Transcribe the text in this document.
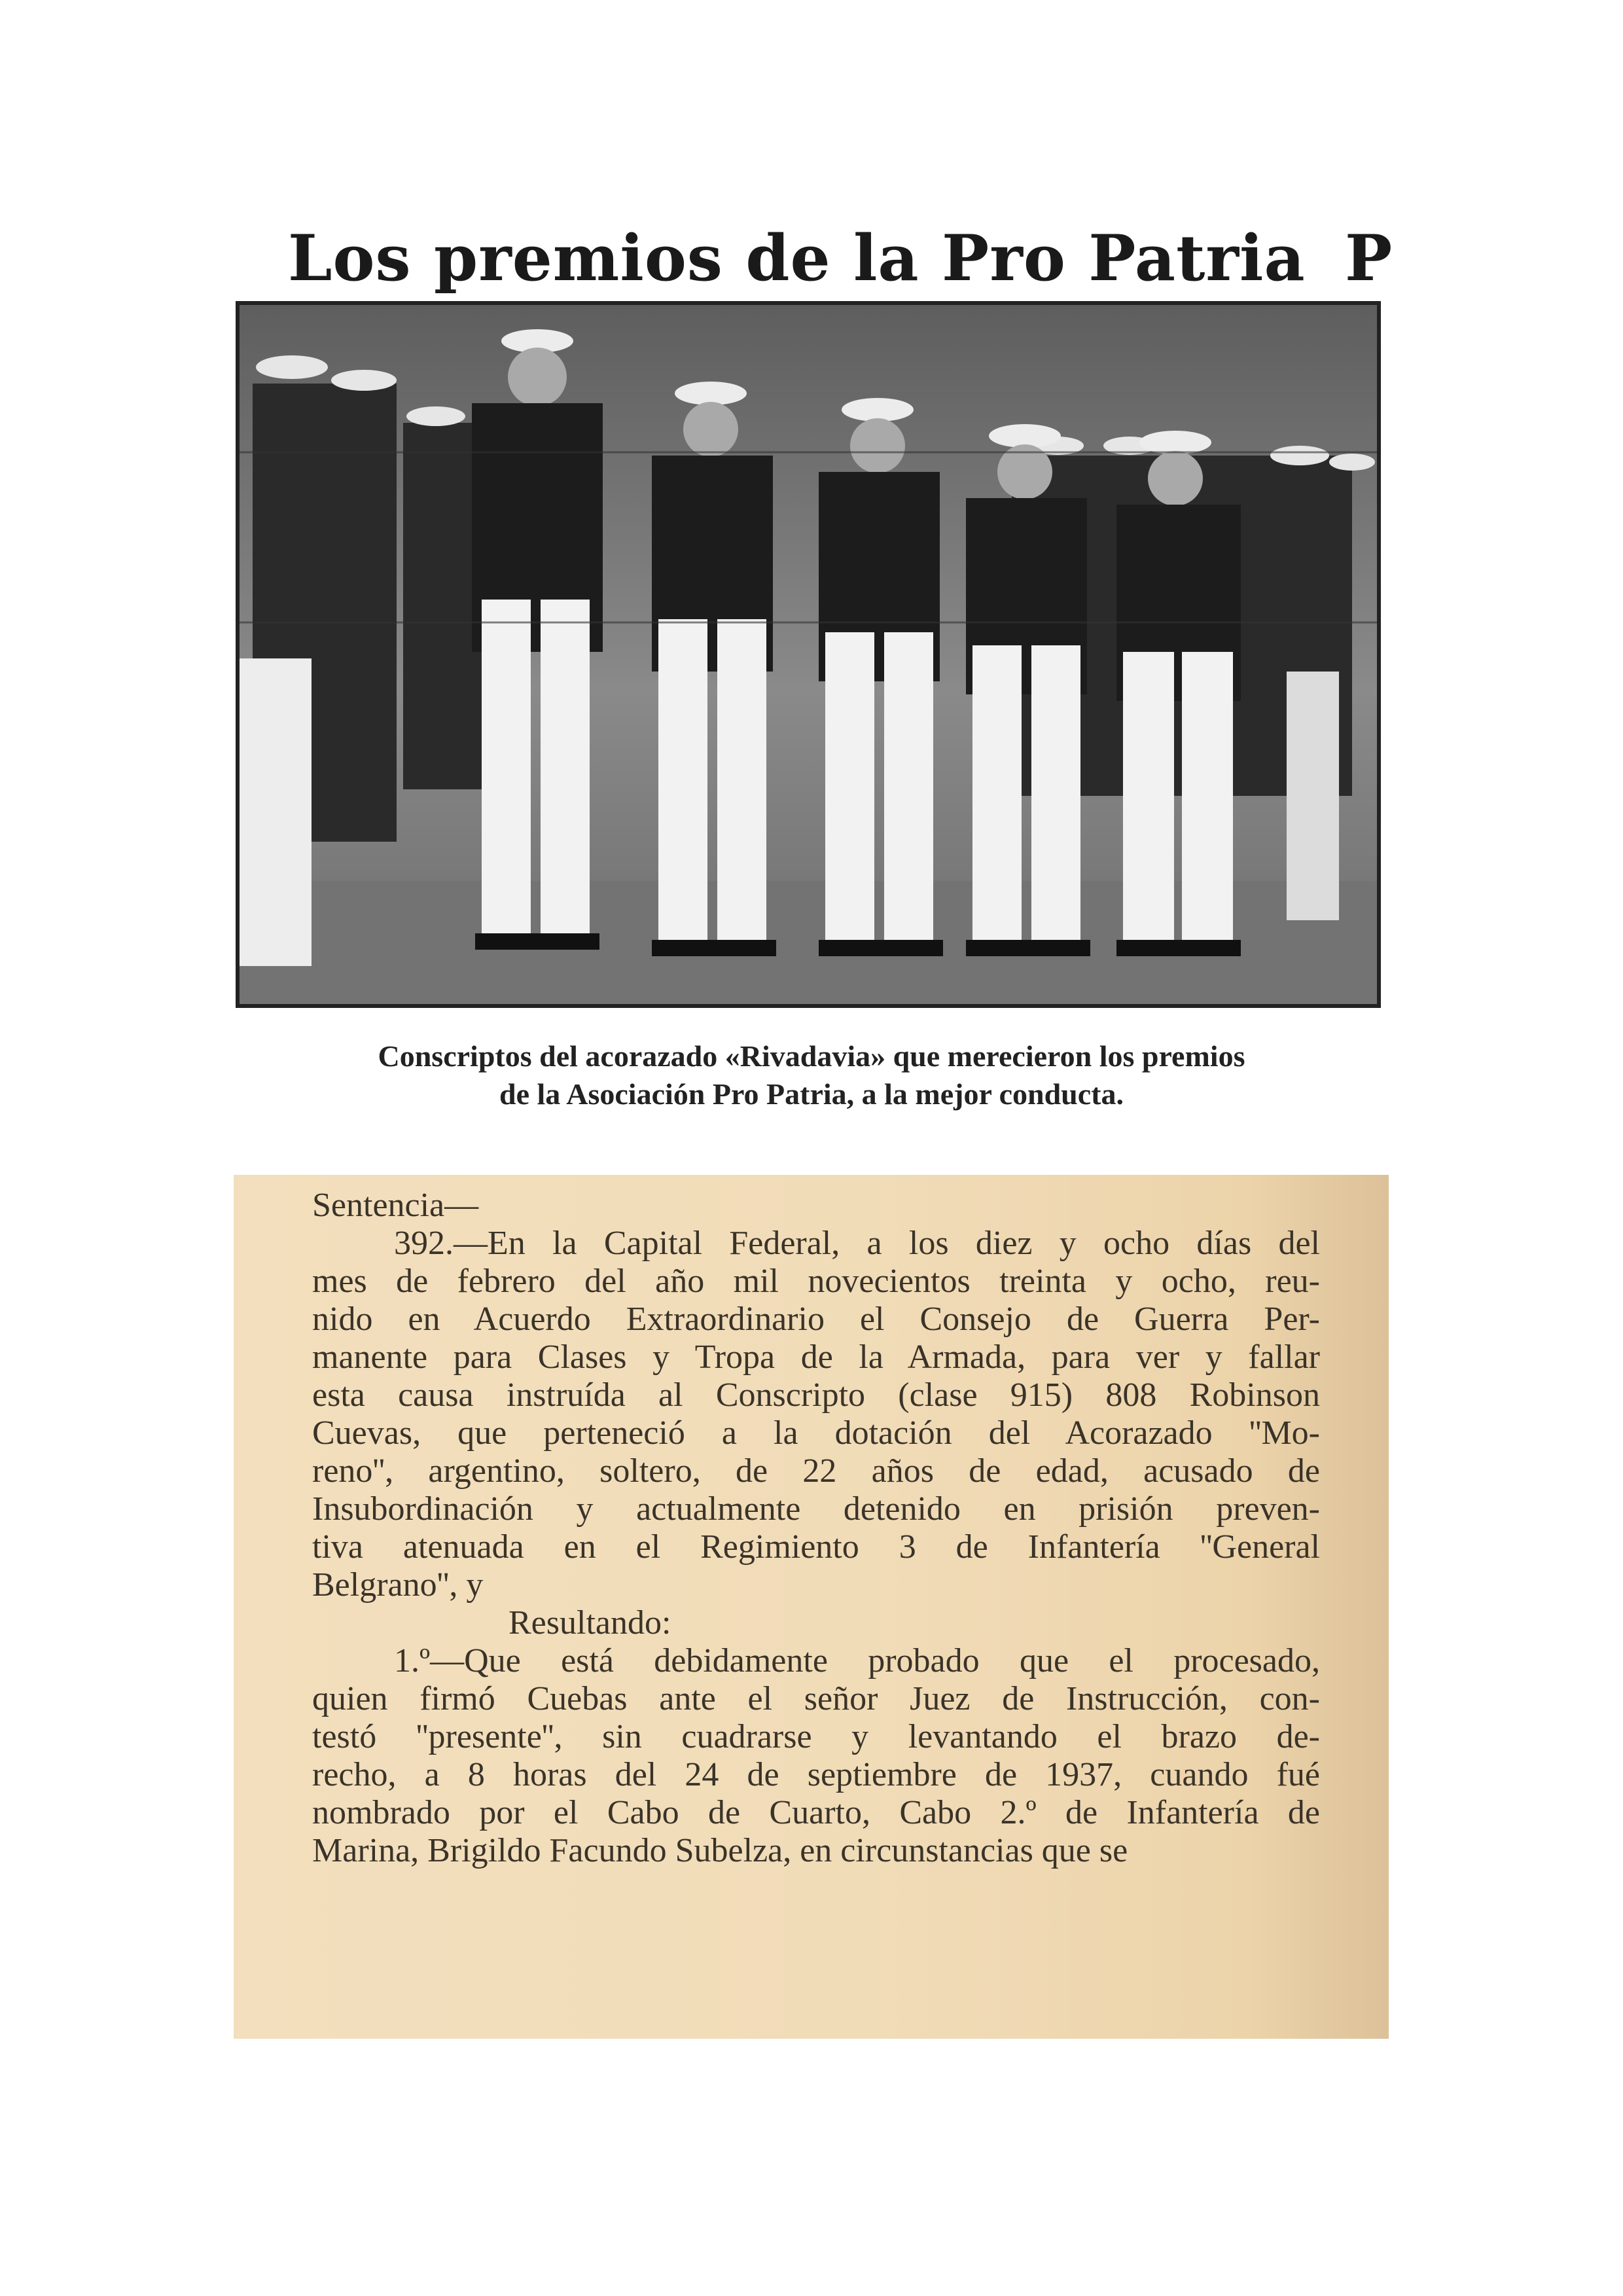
Los premios de la Pro Patria P
Conscriptos del acorazado «Rivadavia» que merecieron los premios
de la Asociación Pro Patria, a la mejor conducta.

Sentencia—

392.—En la Capital Federal, a los diez y ocho días del

mes de febrero del año mil novecientos treinta y ocho, reu-

nido en Acuerdo Extraordinario el Consejo de Guerra Per-

manente para Clases y Tropa de la Armada, para ver y fallar

esta causa instruída al Conscripto (clase 915) 808 Robinson

Cuevas, que perteneció a la dotación del Acorazado ''Mo-

reno'', argentino, soltero, de 22 años de edad, acusado de

Insubordinación y actualmente detenido en prisión preven-

tiva atenuada en el Regimiento 3 de Infantería ''General

Belgrano'', y

Resultando:

1.º—Que está debidamente probado que el procesado,

quien firmó Cuebas ante el señor Juez de Instrucción, con-

testó ''presente'', sin cuadrarse y levantando el brazo de-

recho, a 8 horas del 24 de septiembre de 1937, cuando fué

nombrado por el Cabo de Cuarto, Cabo 2.º de Infantería de

Marina, Brigildo Facundo Subelza, en circunstancias que se
